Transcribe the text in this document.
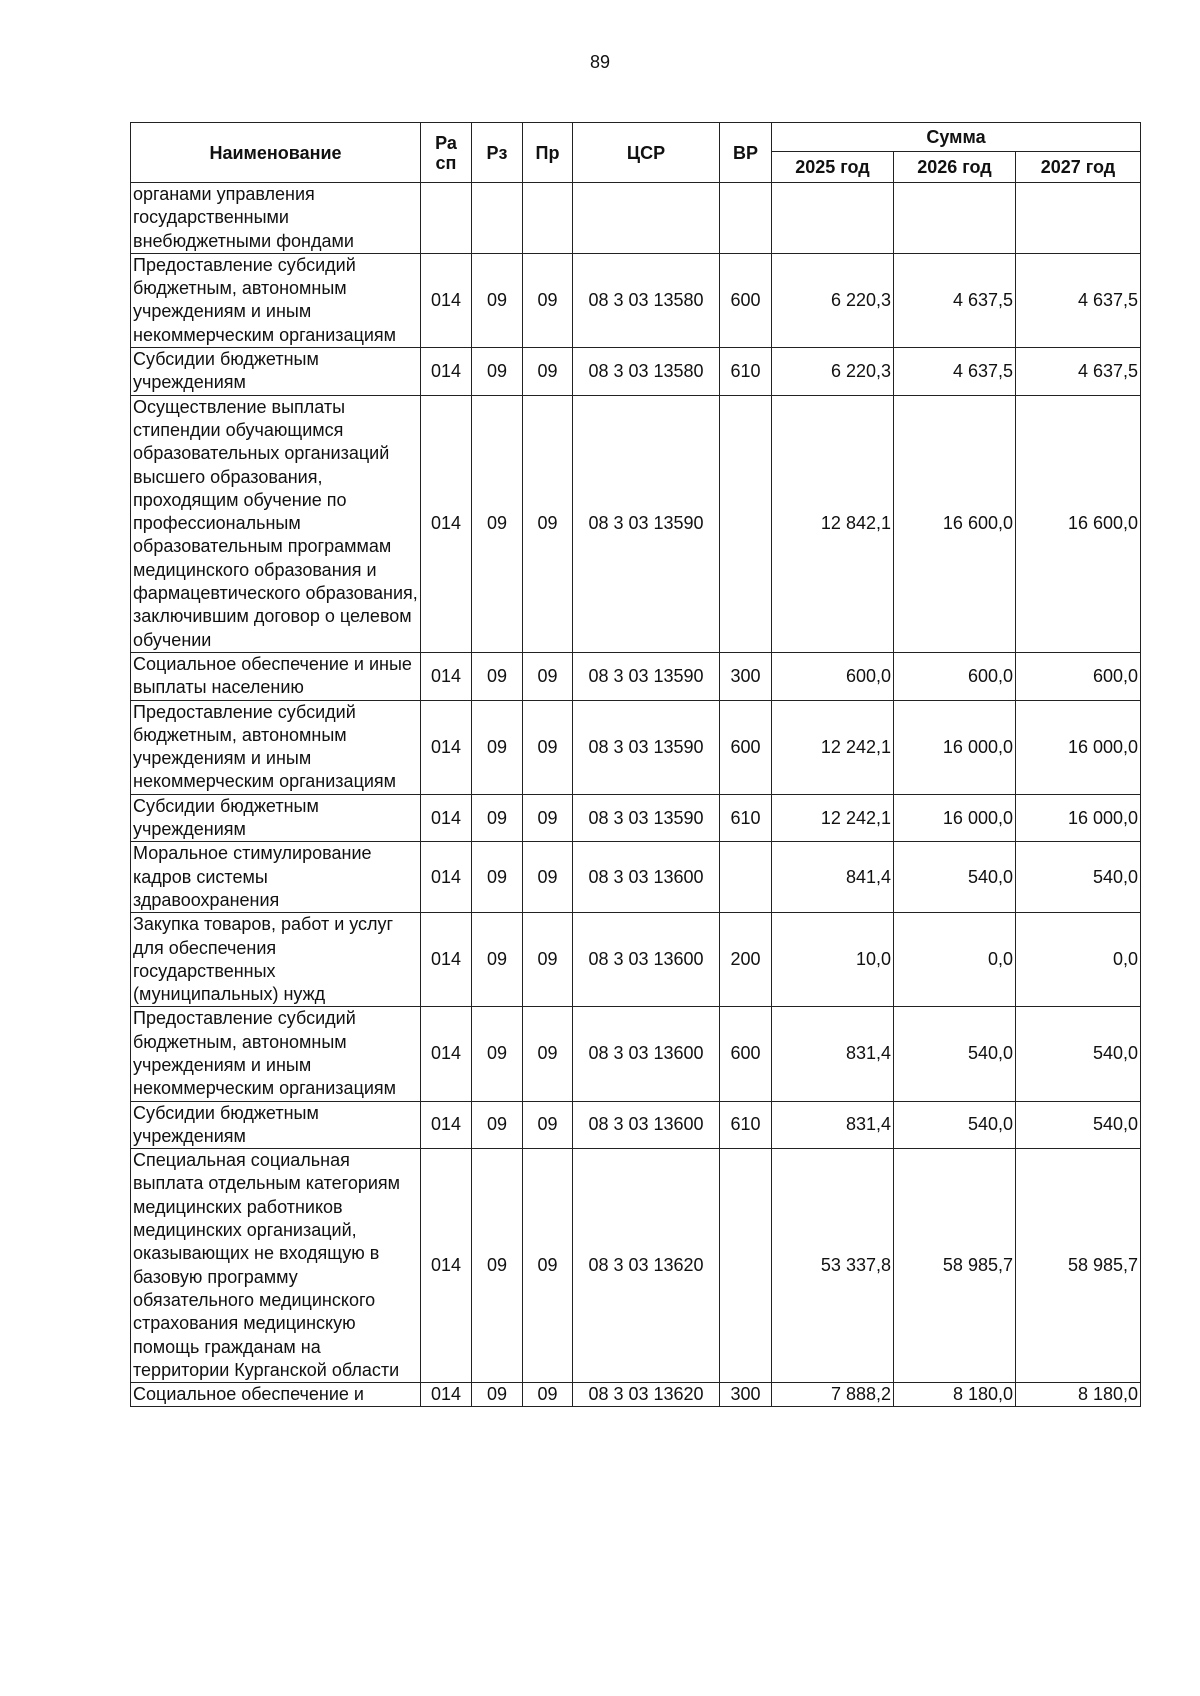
89
Наименование	Ра сп	Рз	Пр	ЦСР	ВР	Сумма		
						2025 год	2026 год	2027 год
органами управления государственными внебюджетными фондами								
Предоставление субсидий бюджетным, автономным учреждениям и иным некоммерческим организациям	014	09	09	08 3 03 13580	600	6 220,3	4 637,5	4 637,5
Субсидии бюджетным учреждениям	014	09	09	08 3 03 13580	610	6 220,3	4 637,5	4 637,5
Осуществление выплаты стипендии обучающимся образовательных организаций высшего образования, проходящим обучение по профессиональным образовательным программам медицинского образования и фармацевтического образования, заключившим договор о целевом обучении	014	09	09	08 3 03 13590		12 842,1	16 600,0	16 600,0
Социальное обеспечение и иные выплаты населению	014	09	09	08 3 03 13590	300	600,0	600,0	600,0
Предоставление субсидий бюджетным, автономным учреждениям и иным некоммерческим организациям	014	09	09	08 3 03 13590	600	12 242,1	16 000,0	16 000,0
Субсидии бюджетным учреждениям	014	09	09	08 3 03 13590	610	12 242,1	16 000,0	16 000,0
Моральное стимулирование кадров системы здравоохранения	014	09	09	08 3 03 13600		841,4	540,0	540,0
Закупка товаров, работ и услуг для обеспечения государственных (муниципальных) нужд	014	09	09	08 3 03 13600	200	10,0	0,0	0,0
Предоставление субсидий бюджетным, автономным учреждениям и иным некоммерческим организациям	014	09	09	08 3 03 13600	600	831,4	540,0	540,0
Субсидии бюджетным учреждениям	014	09	09	08 3 03 13600	610	831,4	540,0	540,0
Специальная социальная выплата отдельным категориям медицинских работников медицинских организаций, оказывающих не входящую в базовую программу обязательного медицинского страхования медицинскую помощь гражданам на территории Курганской области	014	09	09	08 3 03 13620		53 337,8	58 985,7	58 985,7
Социальное обеспечение и	014	09	09	08 3 03 13620	300	7 888,2	8 180,0	8 180,0
